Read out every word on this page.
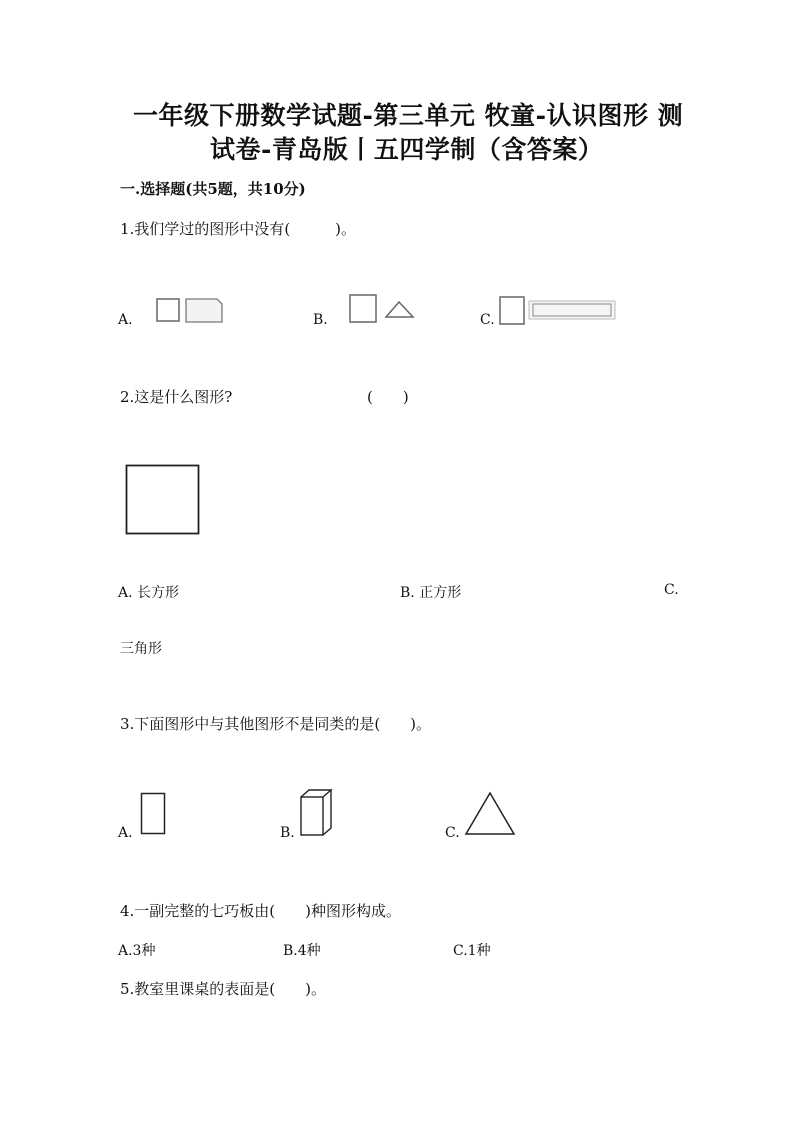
一年级下册数学试题-第三单元 牧童-认识图形 测
试卷-青岛版丨五四学制（含答案）
一.选择题(共5题，共10分)
1.我们学过的图形中没有(　　　)。
A.	B.	C.
2.这是什么图形?	(　　)
A. 长方形	B. 正方形	C.
三角形
3.下面图形中与其他图形不是同类的是(　　)。
A.	B.	C.
4.一副完整的七巧板由(　　)种图形构成。
A.3种	B.4种	C.1种
5.教室里课桌的表面是(　　)。
